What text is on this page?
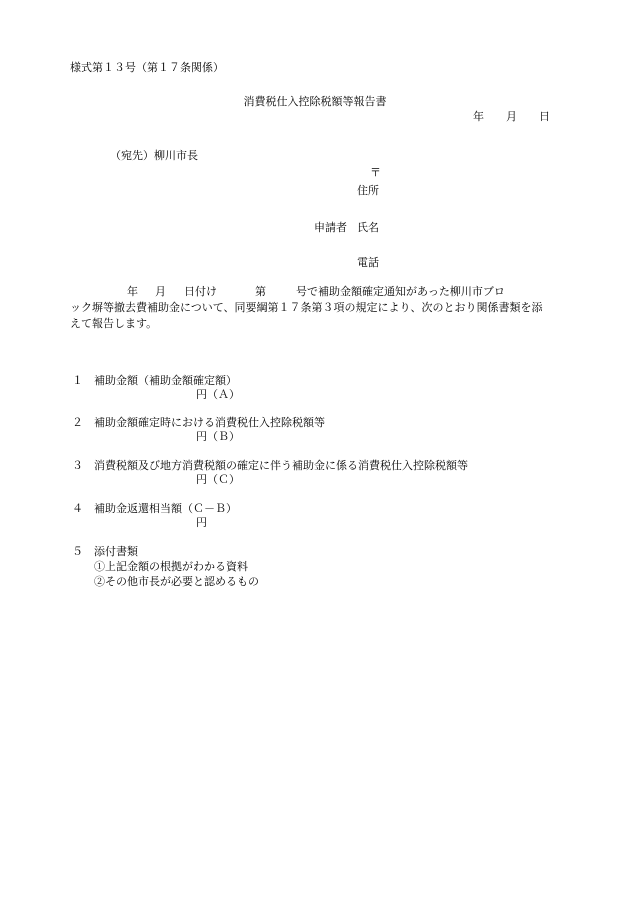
様式第１３号（第１７条関係）
消費税仕入控除税額等報告書
年 月 日
（宛先）柳川市長
〒
住所
申請者 氏名
電話
年 月 日付け	第	号で補助金額確定通知があった柳川市ブロ
ック塀等撤去費補助金について、同要綱第１７条第３項の規定により、次のとおり関係書類を添
えて報告します。
１ 補助金額（補助金額確定額）
円（Ａ）
２ 補助金額確定時における消費税仕入控除税額等
円（Ｂ）
３ 消費税額及び地方消費税額の確定に伴う補助金に係る消費税仕入控除税額等
円（Ｃ）
４ 補助金返還相当額（Ｃ－Ｂ）
円
５ 添付書類
①上記金額の根拠がわかる資料
②その他市長が必要と認めるもの
